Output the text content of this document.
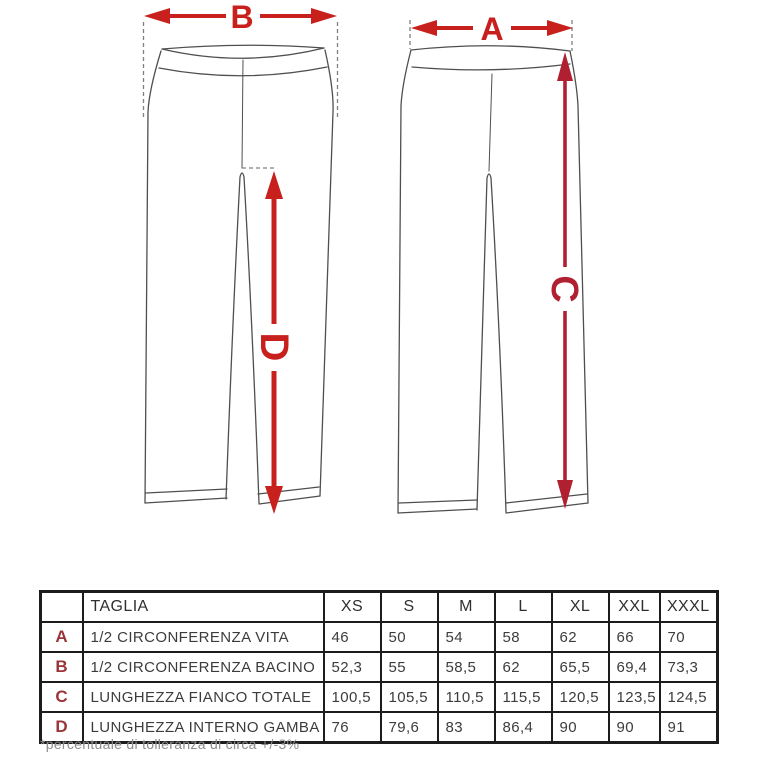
B
D
A
C
	TAGLIA	XS	S	M	L	XL	XXL	XXXL
A	1/2 CIRCONFERENZA VITA	46	50	54	58	62	66	70
B	1/2 CIRCONFERENZA BACINO	52,3	55	58,5	62	65,5	69,4	73,3
C	LUNGHEZZA FIANCO TOTALE	100,5	105,5	110,5	115,5	120,5	123,5	124,5
D	LUNGHEZZA INTERNO GAMBA	76	79,6	83	86,4	90	90	91
*percentuale di tolleranza di circa +/-3%
